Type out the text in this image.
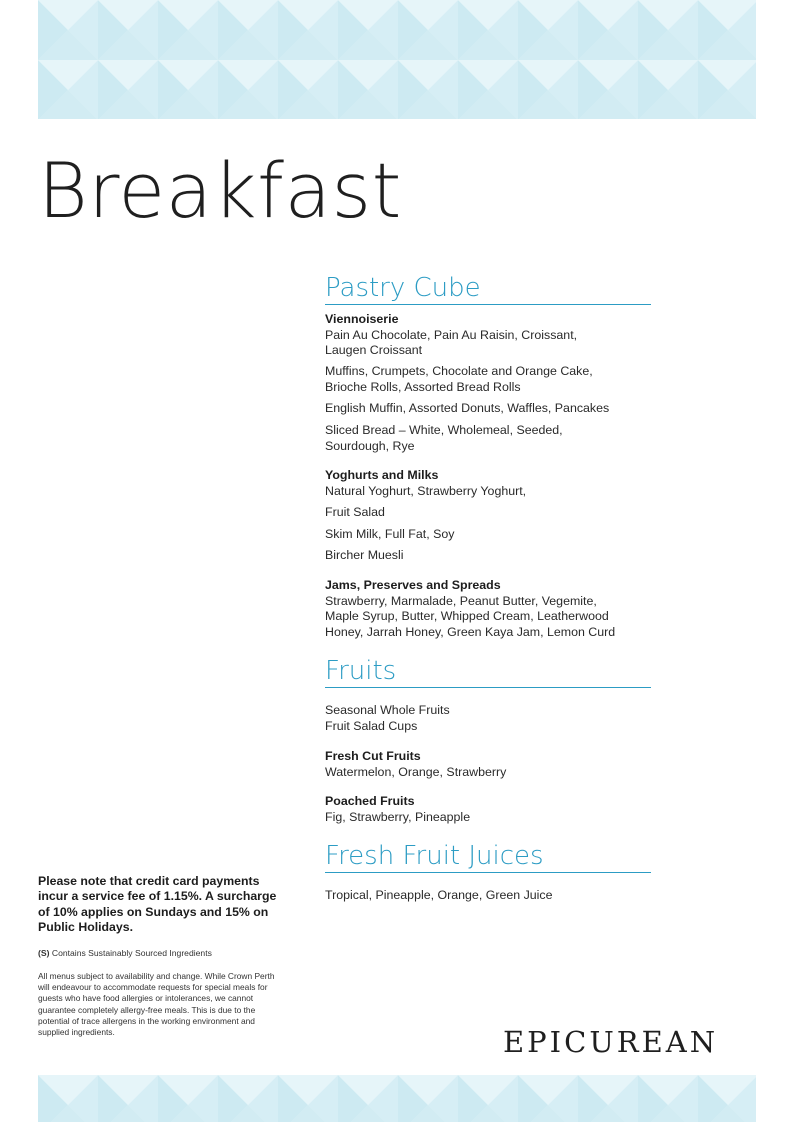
Breakfast
Pastry Cube

Viennoiserie

Pain Au Chocolate, Pain Au Raisin, Croissant,

Laugen Croissant

Muffins, Crumpets, Chocolate and Orange Cake,

Brioche Rolls, Assorted Bread Rolls

English Muffin, Assorted Donuts, Waffles, Pancakes

Sliced Bread – White, Wholemeal, Seeded,

Sourdough, Rye

Yoghurts and Milks

Natural Yoghurt, Strawberry Yoghurt,

Fruit Salad

Skim Milk, Full Fat, Soy

Bircher Muesli

Jams, Preserves and Spreads

Strawberry, Marmalade, Peanut Butter, Vegemite,

Maple Syrup, Butter, Whipped Cream, Leatherwood

Honey, Jarrah Honey, Green Kaya Jam, Lemon Curd

Fruits

Seasonal Whole Fruits

Fruit Salad Cups

Fresh Cut Fruits

Watermelon, Orange, Strawberry

Poached Fruits

Fig, Strawberry, Pineapple

Fresh Fruit Juices

Tropical, Pineapple, Orange, Green Juice

Please note that credit card payments incur a service fee of 1.15%. A surcharge of 10% applies on Sundays and 15% on Public Holidays.

(S) Contains Sustainably Sourced Ingredients

All menus subject to availability and change. While Crown Perth will endeavour to accommodate requests for special meals for guests who have food allergies or intolerances, we cannot guarantee completely allergy-free meals. This is due to the potential of trace allergens in the working environment and supplied ingredients.	EPICUREAN
